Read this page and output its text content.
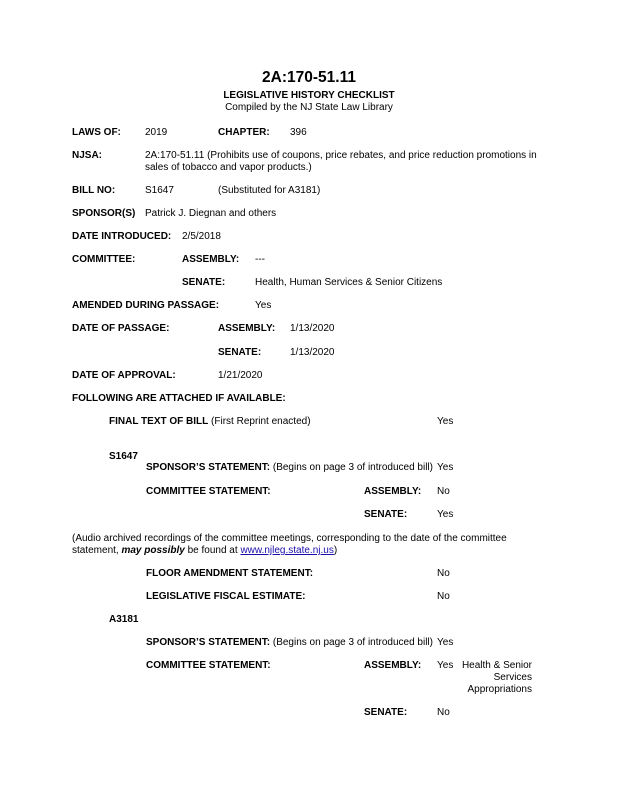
2A:170-51.11
LEGISLATIVE HISTORY CHECKLIST
Compiled by the NJ State Law Library
LAWS OF: 2019	CHAPTER: 396
NJSA:	2A:170-51.11 (Prohibits use of coupons, price rebates, and price reduction promotions in
sales of tobacco and vapor products.)
BILL NO:	S1647	(Substituted for A3181)
SPONSOR(S) Patrick J. Diegnan and others
DATE INTRODUCED: 2/5/2018
COMMITTEE:	ASSEMBLY: ---
SENATE:	Health, Human Services & Senior Citizens
AMENDED DURING PASSAGE:	Yes
DATE OF PASSAGE:	ASSEMBLY: 1/13/2020
SENATE:	1/13/2020
DATE OF APPROVAL:	1/21/2020
FOLLOWING ARE ATTACHED IF AVAILABLE:
FINAL TEXT OF BILL (First Reprint enacted)	Yes
S1647
SPONSOR’S STATEMENT: (Begins on page 3 of introduced bill) Yes
COMMITTEE STATEMENT:	ASSEMBLY: No
SENATE:	Yes
(Audio archived recordings of the committee meetings, corresponding to the date of the committee
statement, may possibly be found at www.njleg.state.nj.us)
FLOOR AMENDMENT STATEMENT:	No
LEGISLATIVE FISCAL ESTIMATE:	No
A3181
SPONSOR’S STATEMENT: (Begins on page 3 of introduced bill) Yes
COMMITTEE STATEMENT:	ASSEMBLY: Yes Health & Senior
Services
Appropriations
SENATE:	No
